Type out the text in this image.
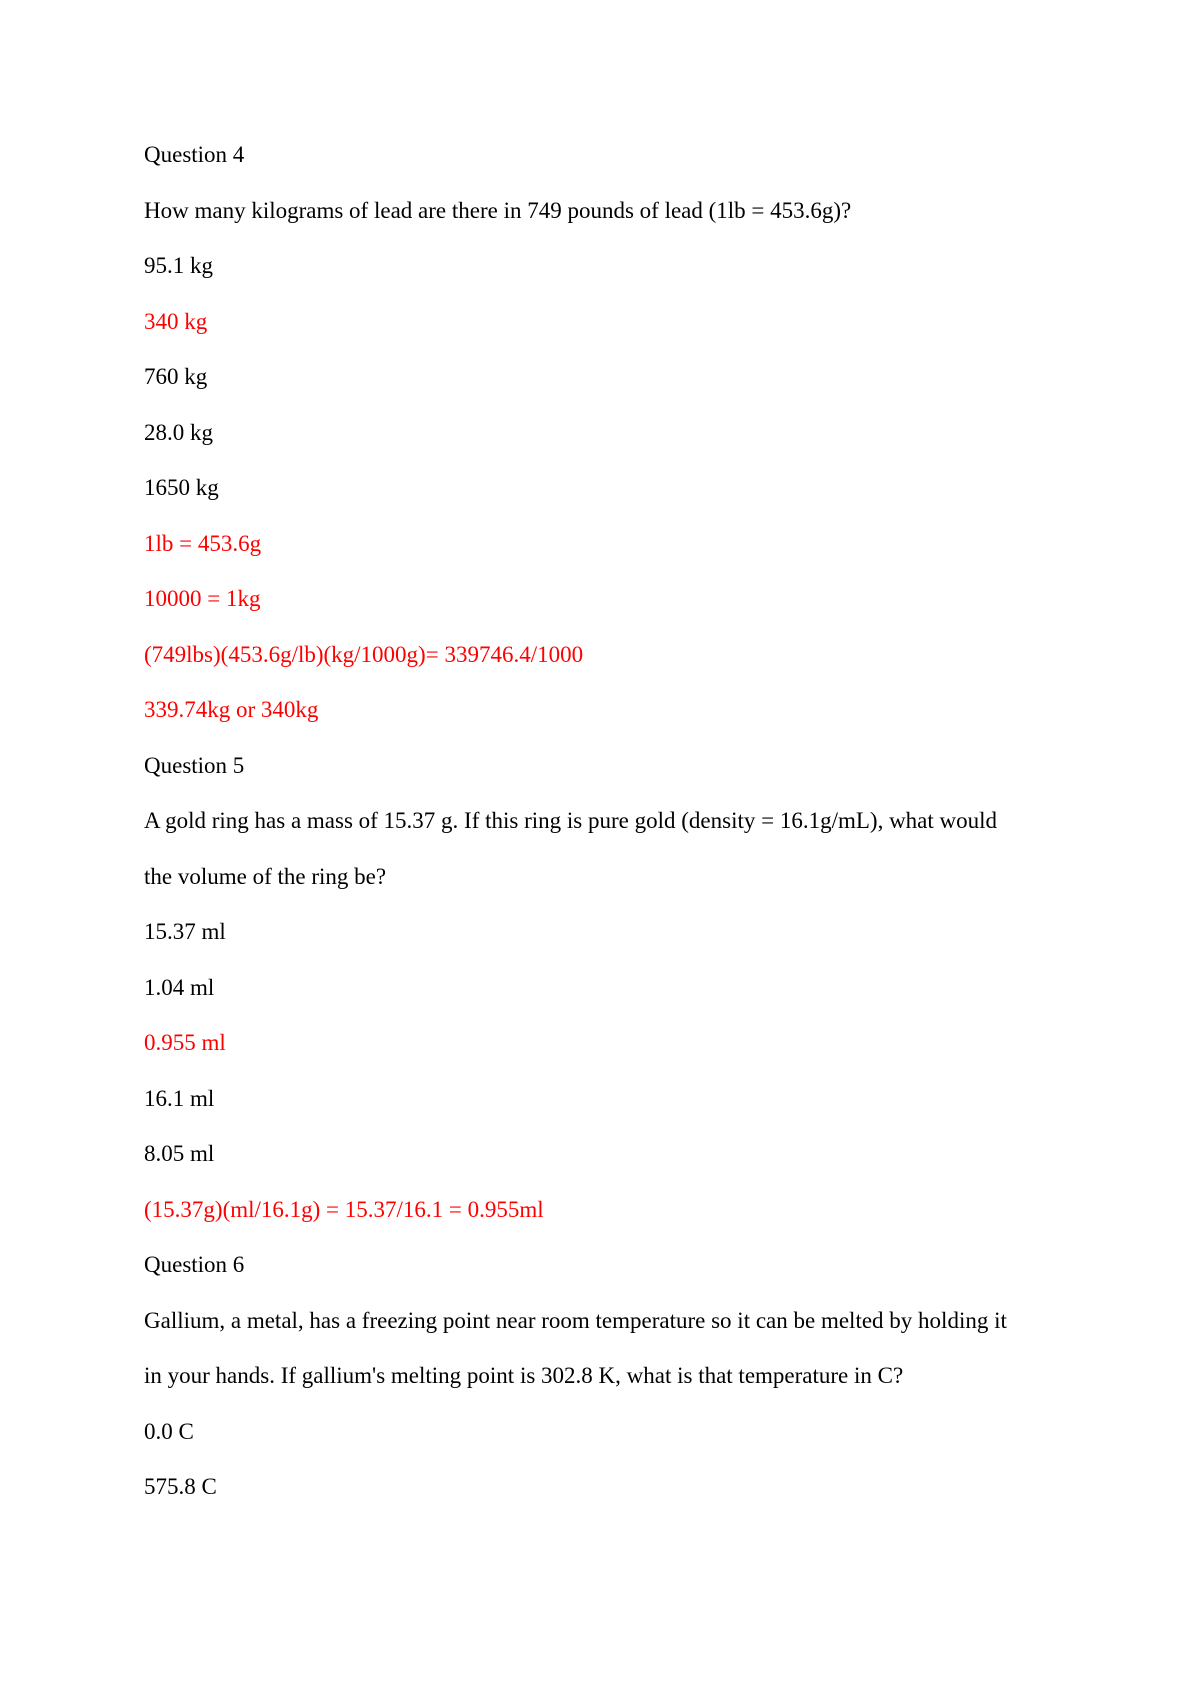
Question 4

How many kilograms of lead are there in 749 pounds of lead (1lb = 453.6g)?

95.1 kg

340 kg

760 kg

28.0 kg

1650 kg

1lb = 453.6g

10000 = 1kg

(749lbs)(453.6g/lb)(kg/1000g)= 339746.4/1000

339.74kg or 340kg

Question 5

A gold ring has a mass of 15.37 g. If this ring is pure gold (density = 16.1g/mL), what would

the volume of the ring be?

15.37 ml

1.04 ml

0.955 ml

16.1 ml

8.05 ml

(15.37g)(ml/16.1g) = 15.37/16.1 = 0.955ml

Question 6

Gallium, a metal, has a freezing point near room temperature so it can be melted by holding it

in your hands. If gallium's melting point is 302.8 K, what is that temperature in C?

0.0 C

575.8 C
